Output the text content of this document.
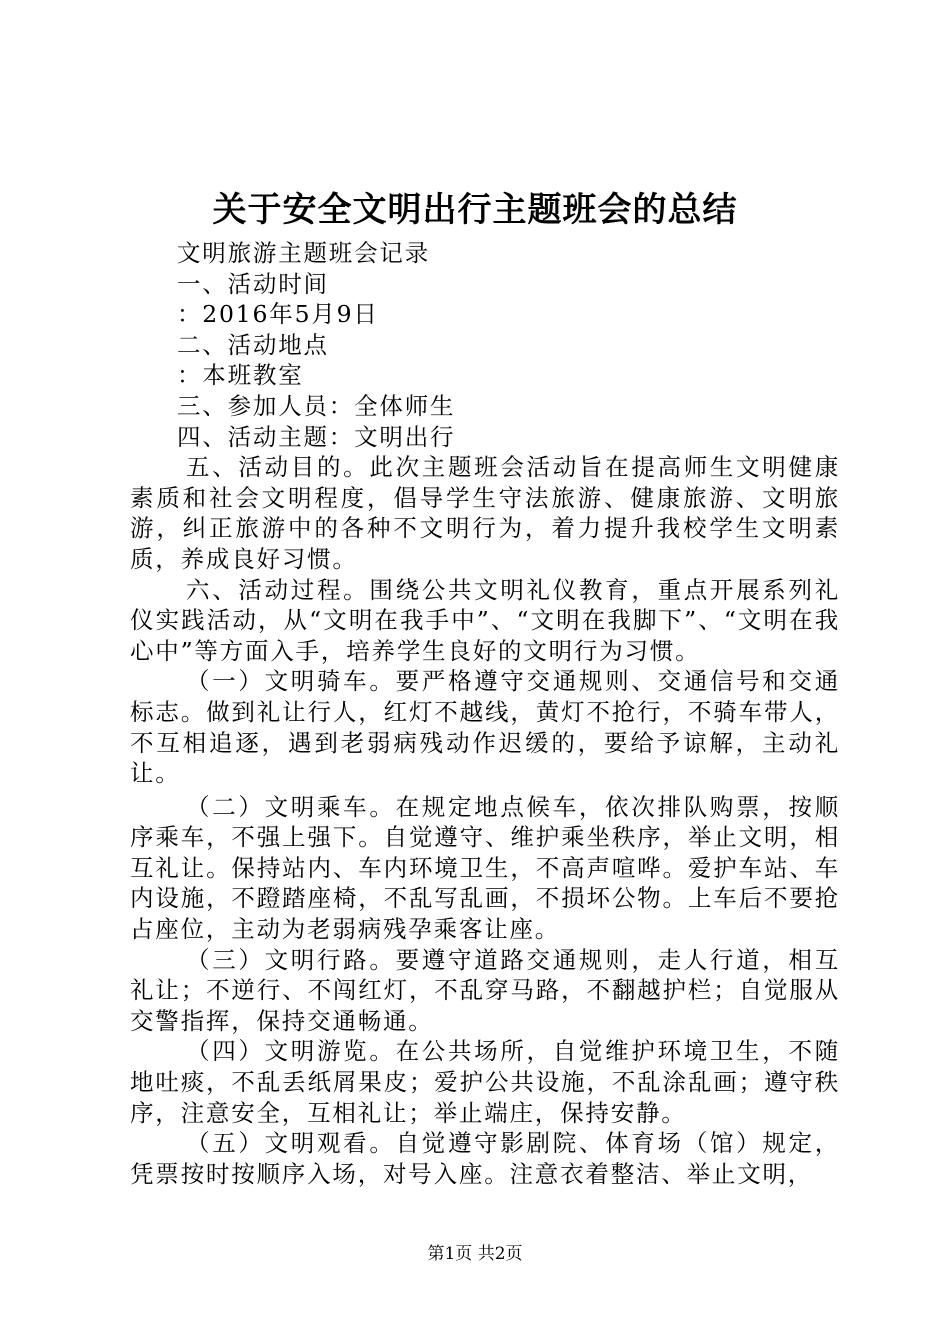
关于安全文明出行主题班会的总结
文明旅游主题班会记录
一、活动时间
：2016年5月9日
二、活动地点
：本班教室
三、参加人员：全体师生
四、活动主题：文明出行
五、活动目的。此次主题班会活动旨在提高师生文明健康素质和社会文明程度，倡导学生守法旅游、健康旅游、文明旅游，纠正旅游中的各种不文明行为，着力提升我校学生文明素质，养成良好习惯。
六、活动过程。围绕公共文明礼仪教育，重点开展系列礼仪实践活动，从“文明在我手中”、“文明在我脚下”、“文明在我心中”等方面入手，培养学生良好的文明行为习惯。
（一）文明骑车。要严格遵守交通规则、交通信号和交通标志。做到礼让行人，红灯不越线，黄灯不抢行，不骑车带人，不互相追逐，遇到老弱病残动作迟缓的，要给予谅解，主动礼让。
（二）文明乘车。在规定地点候车，依次排队购票，按顺序乘车，不强上强下。自觉遵守、维护乘坐秩序，举止文明，相互礼让。保持站内、车内环境卫生，不高声喧哗。爱护车站、车内设施，不蹬踏座椅，不乱写乱画，不损坏公物。上车后不要抢占座位，主动为老弱病残孕乘客让座。
（三）文明行路。要遵守道路交通规则，走人行道，相互礼让；不逆行、不闯红灯，不乱穿马路，不翻越护栏；自觉服从交警指挥，保持交通畅通。
（四）文明游览。在公共场所，自觉维护环境卫生，不随地吐痰，不乱丢纸屑果皮；爱护公共设施，不乱涂乱画；遵守秩序，注意安全，互相礼让；举止端庄，保持安静。
（五）文明观看。自觉遵守影剧院、体育场（馆）规定，凭票按时按顺序入场，对号入座。注意衣着整洁、举止文明，
第1页 共2页
